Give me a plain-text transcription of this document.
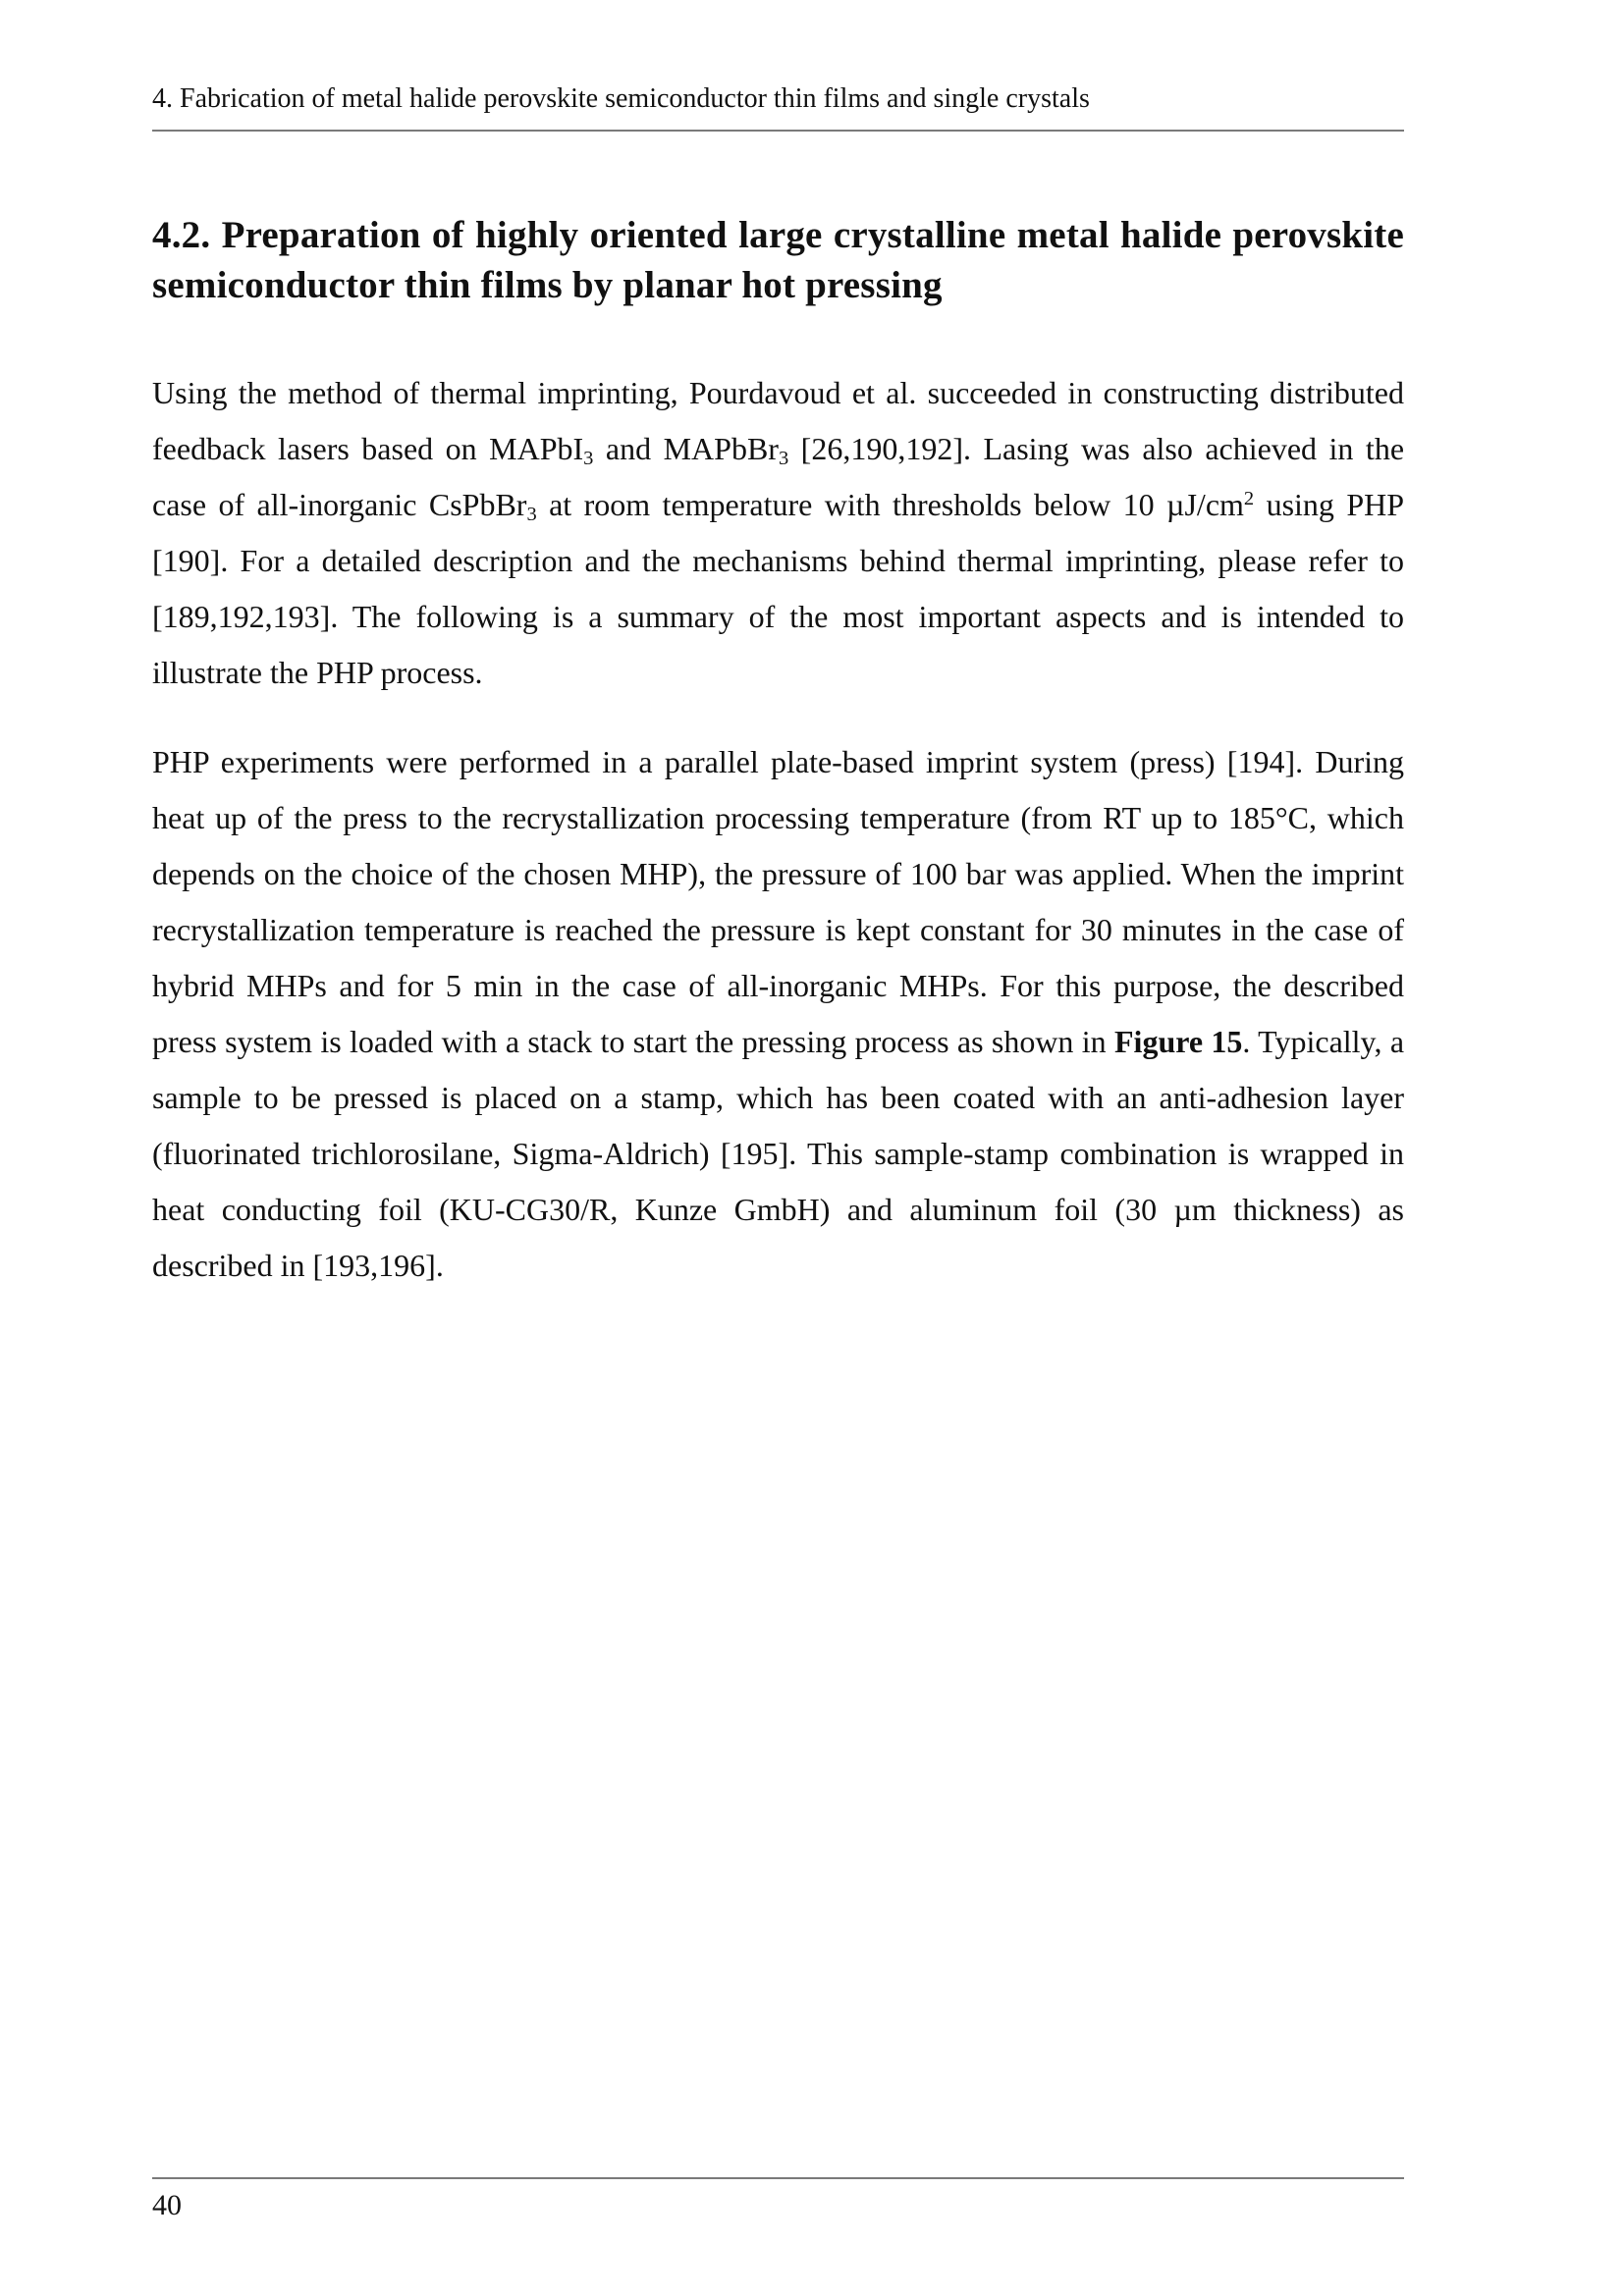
4. Fabrication of metal halide perovskite semiconductor thin films and single crystals
4.2. Preparation of highly oriented large crystalline metal halide perovskite semiconductor thin films by planar hot pressing

Using the method of thermal imprinting, Pourdavoud et al. succeeded in constructing distributed feedback lasers based on MAPbI$_3$ and MAPbBr$_3$ [26,190,192]. Lasing was also achieved in the case of all-inorganic CsPbBr$_3$ at room temperature with thresholds below 10 $\mu J/cm^2$ using PHP [190]. For a detailed description and the mechanisms behind thermal imprinting, please refer to [189,192,193]. The following is a summary of the most important aspects and is intended to illustrate the PHP process.

PHP experiments were performed in a parallel plate-based imprint system (press) [194]. During heat up of the press to the recrystallization processing temperature (from RT up to 185°C, which depends on the choice of the chosen MHP), the pressure of 100 bar was applied. When the imprint recrystallization temperature is reached the pressure is kept constant for 30 minutes in the case of hybrid MHPs and for 5 min in the case of all-inorganic MHPs. For this purpose, the described press system is loaded with a stack to start the pressing process as shown in Figure 15. Typically, a sample to be pressed is placed on a stamp, which has been coated with an anti-adhesion layer (fluorinated trichlorosilane, Sigma-Aldrich) [195]. This sample-stamp combination is wrapped in heat conducting foil (KU-CG30/R, Kunze GmbH) and aluminum foil (30 µm thickness) as described in [193,196].

40
